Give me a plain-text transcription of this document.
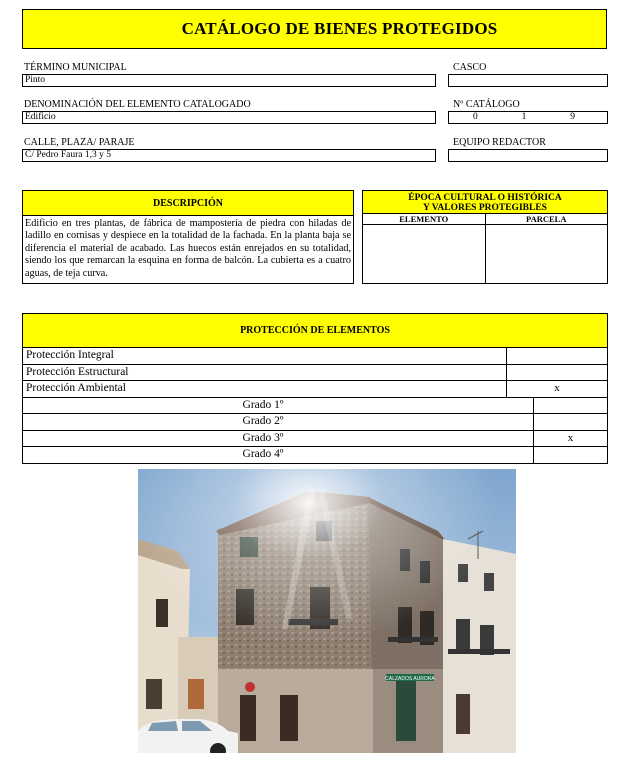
CATÁLOGO DE BIENES PROTEGIDOS
TÉRMINO MUNICIPAL
Pinto
CASCO
DENOMINACIÓN DEL ELEMENTO CATALOGADO
Edificio
Nº CATÁLOGO
0	1	9
CALLE, PLAZA/ PARAJE
C/ Pedro Faura 1,3 y 5
EQUIPO REDACTOR
DESCRIPCIÓN
Edificio en tres plantas, de fábrica de mampostería de piedra con hiladas de ladillo en cornisas y despiece en la totalidad de la fachada. En la planta baja se diferencia el material de acabado. Las huecos están enrejados en su totalidad, siendo los que remarcan la esquina en forma de balcón. La cubierta es a cuatro aguas, de teja curva.
ÉPOCA CULTURAL O HISTÓRICA
Y VALORES PROTEGIBLES
ELEMENTO	PARCELA
PROTECCIÓN DE ELEMENTOS
Protección Integral
Protección Estructural
Protección Ambiental	x
Grado 1º
Grado 2º
Grado 3º	x
Grado 4º
